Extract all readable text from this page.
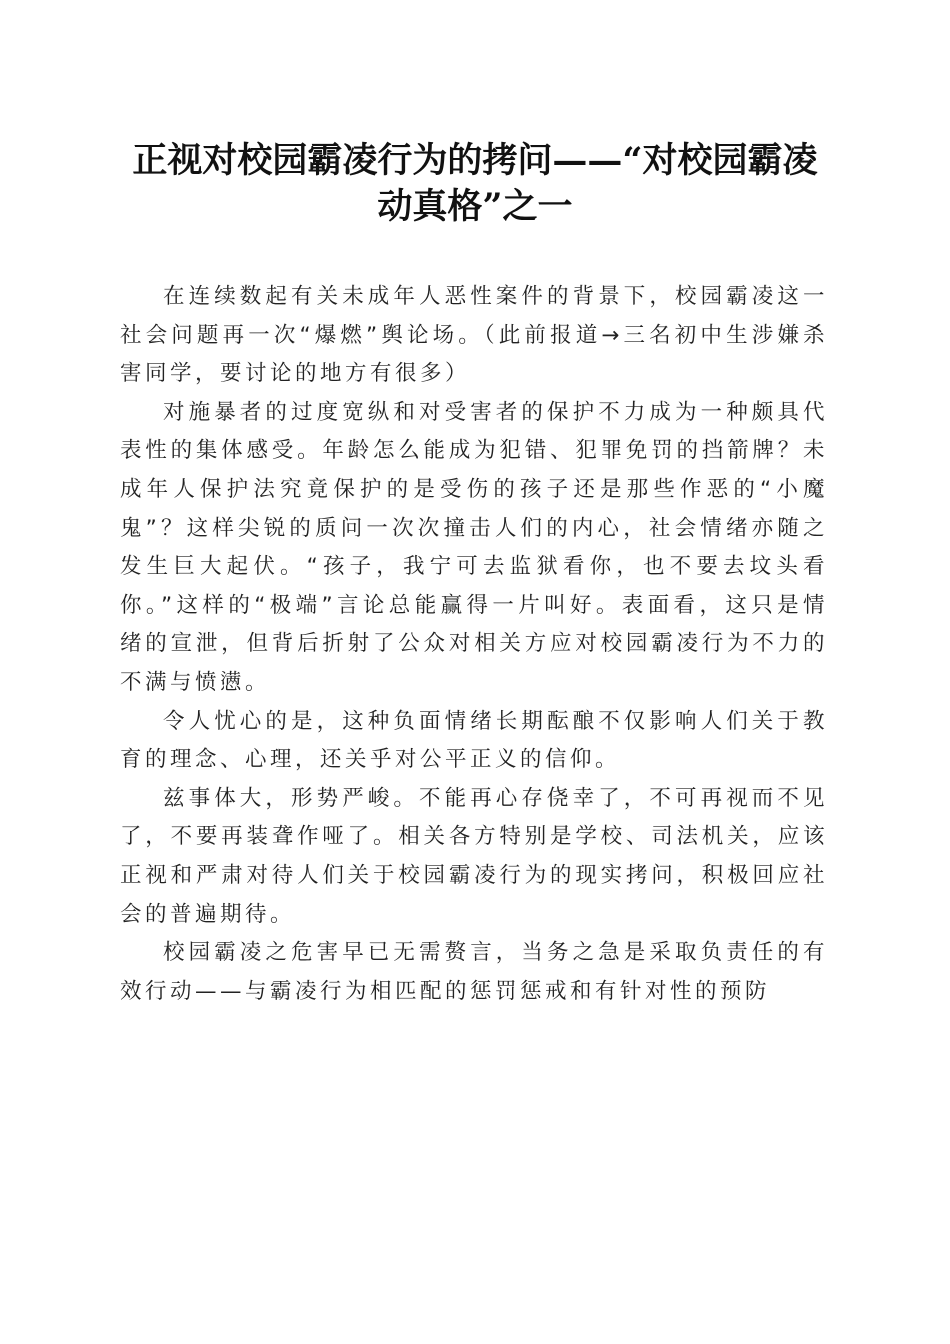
正视对校园霸凌行为的拷问——“对校园霸凌动真格”之一

在连续数起有关未成年人恶性案件的背景下，校园霸凌这一社会问题再一次“爆燃”舆论场。（此前报道→三名初中生涉嫌杀害同学，要讨论的地方有很多）

对施暴者的过度宽纵和对受害者的保护不力成为一种颇具代表性的集体感受。年龄怎么能成为犯错、犯罪免罚的挡箭牌？未成年人保护法究竟保护的是受伤的孩子还是那些作恶的“小魔鬼”？这样尖锐的质问一次次撞击人们的内心，社会情绪亦随之发生巨大起伏。“孩子，我宁可去监狱看你，也不要去坟头看你。”这样的“极端”言论总能赢得一片叫好。表面看，这只是情绪的宣泄，但背后折射了公众对相关方应对校园霸凌行为不力的不满与愤懑。

令人忧心的是，这种负面情绪长期酝酿不仅影响人们关于教育的理念、心理，还关乎对公平正义的信仰。

兹事体大，形势严峻。不能再心存侥幸了，不可再视而不见了，不要再装聋作哑了。相关各方特别是学校、司法机关，应该正视和严肃对待人们关于校园霸凌行为的现实拷问，积极回应社会的普遍期待。

校园霸凌之危害早已无需赘言，当务之急是采取负责任的有效行动——与霸凌行为相匹配的惩罚惩戒和有针对性的预防
